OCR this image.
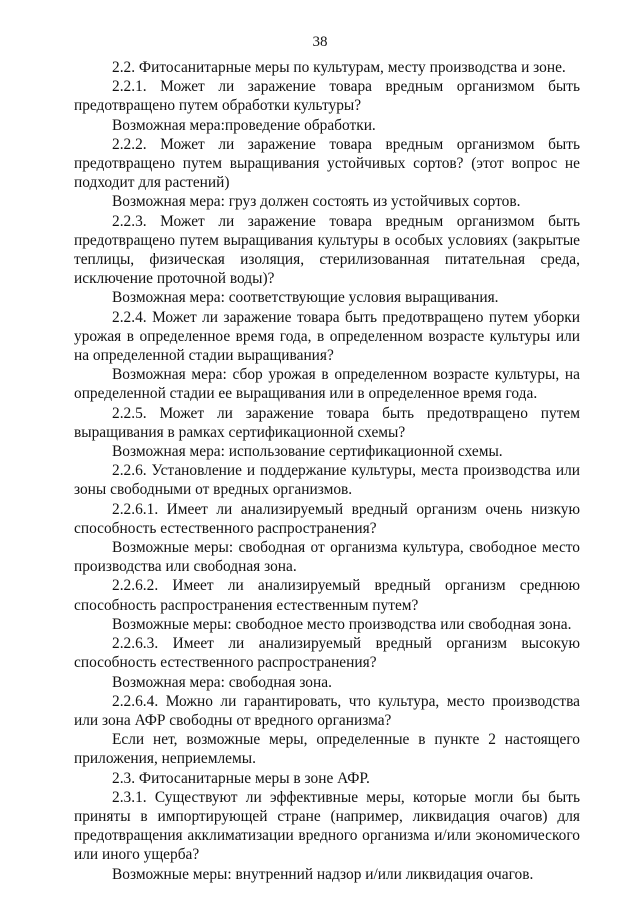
38

2.2. Фитосанитарные меры по культурам, месту производства и зоне.

2.2.1. Может ли заражение товара вредным организмом быть предотвращено путем обработки культуры?

Возможная мера:проведение обработки.

2.2.2. Может ли заражение товара вредным организмом быть предотвращено путем выращивания устойчивых сортов? (этот вопрос не подходит для растений)

Возможная мера: груз должен состоять из устойчивых сортов.

2.2.3. Может ли заражение товара вредным организмом быть предотвращено путем выращивания культуры в особых условиях (закрытые теплицы, физическая изоляция, стерилизованная питательная среда, исключение проточной воды)?

Возможная мера: соответствующие условия выращивания.

2.2.4. Может ли заражение товара быть предотвращено путем уборки урожая в определенное время года, в определенном возрасте культуры или на определенной стадии выращивания?

Возможная мера: сбор урожая в определенном возрасте культуры, на определенной стадии ее выращивания или в определенное время года.

2.2.5. Может ли заражение товара быть предотвращено путем выращивания в рамках сертификационной схемы?

Возможная мера: использование сертификационной схемы.

2.2.6. Установление и поддержание культуры, места производства или зоны свободными от вредных организмов.

2.2.6.1. Имеет ли анализируемый вредный организм очень низкую способность естественного распространения?

Возможные меры: свободная от организма культура, свободное место производства или свободная зона.

2.2.6.2. Имеет ли анализируемый вредный организм среднюю способность распространения естественным путем?

Возможные меры: свободное место производства или свободная зона.

2.2.6.3. Имеет ли анализируемый вредный организм высокую способность естественного распространения?

Возможная мера: свободная зона.

2.2.6.4. Можно ли гарантировать, что культура, место производства или зона АФР свободны от вредного организма?

Если нет, возможные меры, определенные в пункте 2 настоящего приложения, неприемлемы.

2.3. Фитосанитарные меры в зоне АФР.

2.3.1. Существуют ли эффективные меры, которые могли бы быть приняты в импортирующей стране (например, ликвидация очагов) для предотвращения акклиматизации вредного организма и/или экономического или иного ущерба?

Возможные меры: внутренний надзор и/или ликвидация очагов.
